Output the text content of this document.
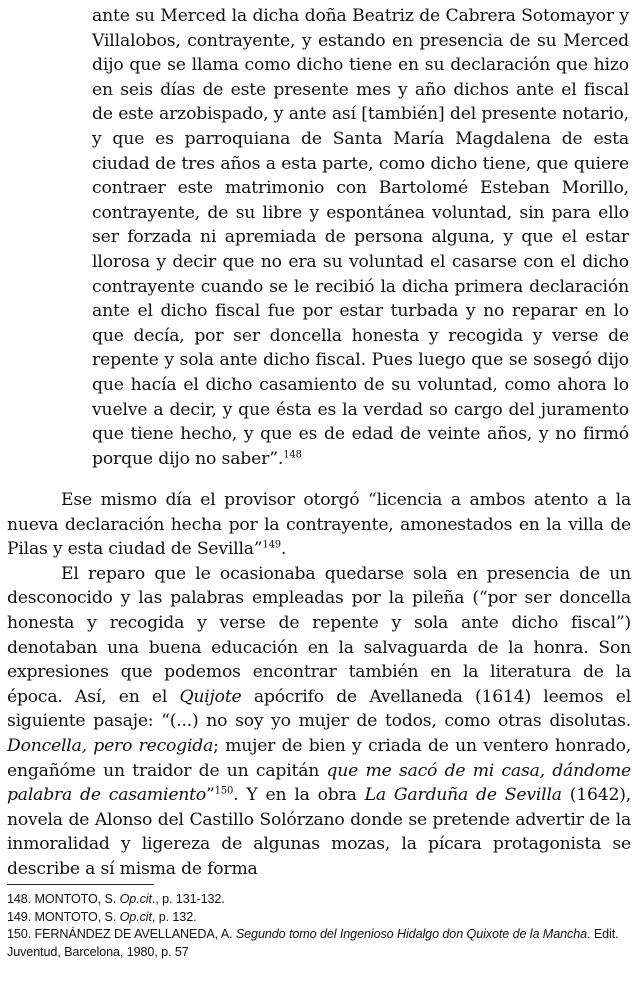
ante su Merced la dicha doña Beatriz de Cabrera Sotomayor y Villalobos, contrayente, y estando en presencia de su Merced dijo que se llama como dicho tiene en su declaración que hizo en seis días de este presente mes y año dichos ante el fiscal de este arzobispado, y ante así [también] del presente notario, y que es parroquiana de Santa María Magdalena de esta ciudad de tres años a esta parte, como dicho tiene, que quiere contraer este matrimonio con Bartolomé Esteban Morillo, contrayente, de su libre y espontánea voluntad, sin para ello ser forzada ni apremiada de persona alguna, y que el estar llorosa y decir que no era su voluntad el casarse con el dicho contrayente cuando se le recibió la dicha primera declaración ante el dicho fiscal fue por estar turbada y no reparar en lo que decía, por ser doncella honesta y recogida y verse de repente y sola ante dicho fiscal. Pues luego que se sosegó dijo que hacía el dicho casamiento de su voluntad, como ahora lo vuelve a decir, y que ésta es la verdad so cargo del juramento que tiene hecho, y que es de edad de veinte años, y no firmó porque dijo no saber”.$^{148}$

Ese mismo día el provisor otorgó “licencia a ambos atento a la nueva declaración hecha por la contrayente, amonestados en la villa de Pilas y esta ciudad de Sevilla”$^{149}$.

El reparo que le ocasionaba quedarse sola en presencia de un desconocido y las palabras empleadas por la pileña (“por ser doncella honesta y recogida y verse de repente y sola ante dicho fiscal”) denotaban una buena educación en la salvaguarda de la honra. Son expresiones que podemos encontrar también en la literatura de la época. Así, en el Quijote apócrifo de Avellaneda (1614) leemos el siguiente pasaje: “(...) no soy yo mujer de todos, como otras disolutas. Doncella, pero recogida; mujer de bien y criada de un ventero honrado, engañóme un traidor de un capitán que me sacó de mi casa, dándome palabra de casamiento”$^{150}$. Y en la obra La Garduña de Sevilla (1642), novela de Alonso del Castillo Solórzano donde se pretende advertir de la inmoralidad y ligereza de algunas mozas, la pícara protagonista se describe a sí misma de forma

148. MONTOTO, S. Op.cit., p. 131-132.
149. MONTOTO, S. Op.cit, p. 132.
150. FERNÁNDEZ DE AVELLANEDA, A. Segundo tomo del Ingenioso Hidalgo don Quixote de la Mancha. Edit. Juventud, Barcelona, 1980, p. 57
